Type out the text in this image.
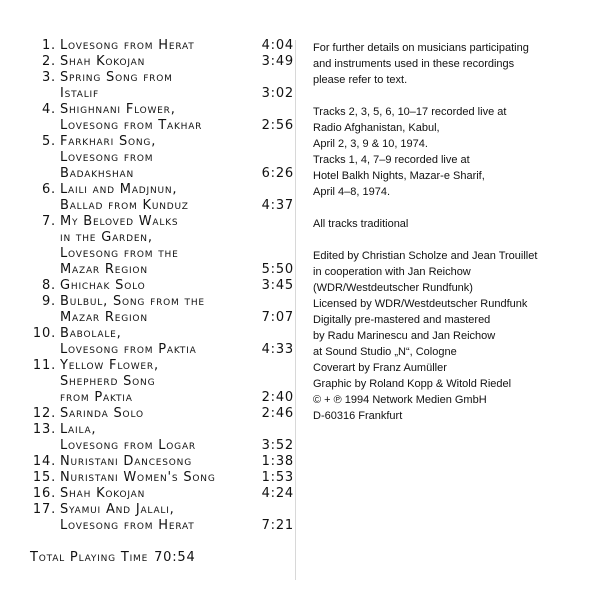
1. Lovesong from Herat	4:04
2. Shah Kokojan	3:49
3. Spring Song from
Istalif	3:02
4. Shighnani Flower,
Lovesong from Takhar	2:56
5. Farkhari Song,
Lovesong from
Badakhshan	6:26
6. Laili and Madjnun,
Ballad from Kunduz	4:37
7. My Beloved Walks
in the Garden,
Lovesong from the
Mazar Region	5:50
8. Ghichak Solo	3:45
9. Bulbul, Song from the
Mazar Region	7:07
10. Babolale,
Lovesong from Paktia	4:33
11. Yellow Flower,
Shepherd Song
from Paktia	2:40
12. Sarinda Solo	2:46
13. Laila,
Lovesong from Logar	3:52
14. Nuristani Dancesong	1:38
15. Nuristani Women's Song	1:53
16. Shah Kokojan	4:24
17. Syamui And Jalali,
Lovesong from Herat	7:21
Total Playing Time 70:54

For further details on musicians participating
and instruments used in these recordings
please refer to text.

Tracks 2, 3, 5, 6, 10–17 recorded live at
Radio Afghanistan, Kabul,
April 2, 3, 9 & 10, 1974.
Tracks 1, 4, 7–9 recorded live at
Hotel Balkh Nights, Mazar-e Sharif,
April 4–8, 1974.

All tracks traditional

Edited by Christian Scholze and Jean Trouillet
in cooperation with Jan Reichow
(WDR/Westdeutscher Rundfunk)
Licensed by WDR/Westdeutscher Rundfunk
Digitally pre-mastered and mastered
by Radu Marinescu and Jan Reichow
at Sound Studio „N“, Cologne
Coverart by Franz Aumüller
Graphic by Roland Kopp & Witold Riedel
© + ℗ 1994 Network Medien GmbH
D-60316 Frankfurt
